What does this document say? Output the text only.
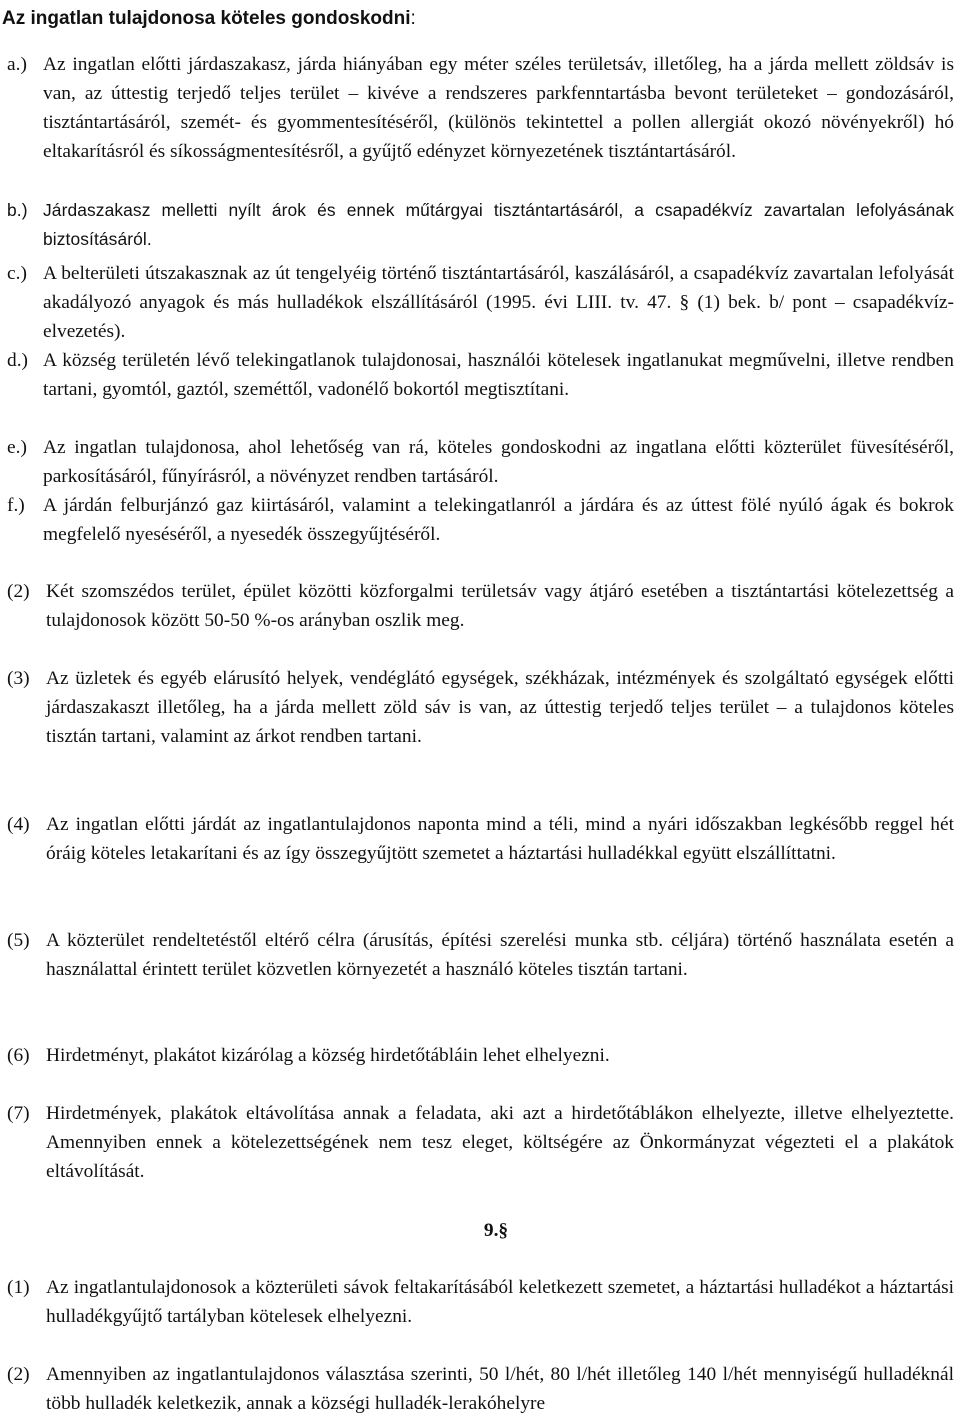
Az ingatlan tulajdonosa köteles gondoskodni:
a.) Az ingatlan előtti járdaszakasz, járda hiányában egy méter széles területsáv, illetőleg, ha a járda mellett zöldsáv is van, az úttestig terjedő teljes terület – kivéve a rendszeres parkfenntartásba bevont területeket – gondozásáról, tisztántartásáról, szemét- és gyommentesítéséről, (különös tekintettel a pollen allergiát okozó növényekről) hó eltakarításról és síkosságmentesítésről, a gyűjtő edényzet környezetének tisztántartásáról.
b.) Járdaszakasz melletti nyílt árok és ennek műtárgyai tisztántartásáról, a csapadékvíz zavartalan lefolyásának biztosításáról.
c.) A belterületi útszakasznak az út tengelyéig történő tisztántartásáról, kaszálásáról, a csapadékvíz zavartalan lefolyását akadályozó anyagok és más hulladékok elszállításáról (1995. évi LIII. tv. 47. § (1) bek. b/ pont – csapadékvíz-elvezetés).
d.) A község területén lévő telekingatlanok tulajdonosai, használói kötelesek ingatlanukat megművelni, illetve rendben tartani, gyomtól, gaztól, szeméttől, vadonélő bokortól megtisztítani.
e.) Az ingatlan tulajdonosa, ahol lehetőség van rá, köteles gondoskodni az ingatlana előtti közterület füvesítéséről, parkosításáról, fűnyírásról, a növényzet rendben tartásáról.
f.) A járdán felburjánzó gaz kiirtásáról, valamint a telekingatlanról a járdára és az úttest fölé nyúló ágak és bokrok megfelelő nyeséséről, a nyesedék összegyűjtéséről.
(2) Két szomszédos terület, épület közötti közforgalmi területsáv vagy átjáró esetében a tisztántartási kötelezettség a tulajdonosok között 50-50 %-os arányban oszlik meg.
(3) Az üzletek és egyéb elárusító helyek, vendéglátó egységek, székházak, intézmények és szolgáltató egységek előtti járdaszakaszt illetőleg, ha a járda mellett zöld sáv is van, az úttestig terjedő teljes terület – a tulajdonos köteles tisztán tartani, valamint az árkot rendben tartani.
(4) Az ingatlan előtti járdát az ingatlantulajdonos naponta mind a téli, mind a nyári időszakban legkésőbb reggel hét óráig köteles letakarítani és az így összegyűjtött szemetet a háztartási hulladékkal együtt elszállíttatni.
(5) A közterület rendeltetéstől eltérő célra (árusítás, építési szerelési munka stb. céljára) történő használata esetén a használattal érintett terület közvetlen környezetét a használó köteles tisztán tartani.
(6) Hirdetményt, plakátot kizárólag a község hirdetőtábláin lehet elhelyezni.
(7) Hirdetmények, plakátok eltávolítása annak a feladata, aki azt a hirdetőtáblákon elhelyezte, illetve elhelyeztette. Amennyiben ennek a kötelezettségének nem tesz eleget, költségére az Önkormányzat végezteti el a plakátok eltávolítását.
9.§
(1) Az ingatlantulajdonosok a közterületi sávok feltakarításából keletkezett szemetet, a háztartási hulladékot a háztartási hulladékgyűjtő tartályban kötelesek elhelyezni.
(2) Amennyiben az ingatlantulajdonos választása szerinti, 50 l/hét, 80 l/hét illetőleg 140 l/hét mennyiségű hulladéknál több hulladék keletkezik, annak a községi hulladék-lerakóhelyre
